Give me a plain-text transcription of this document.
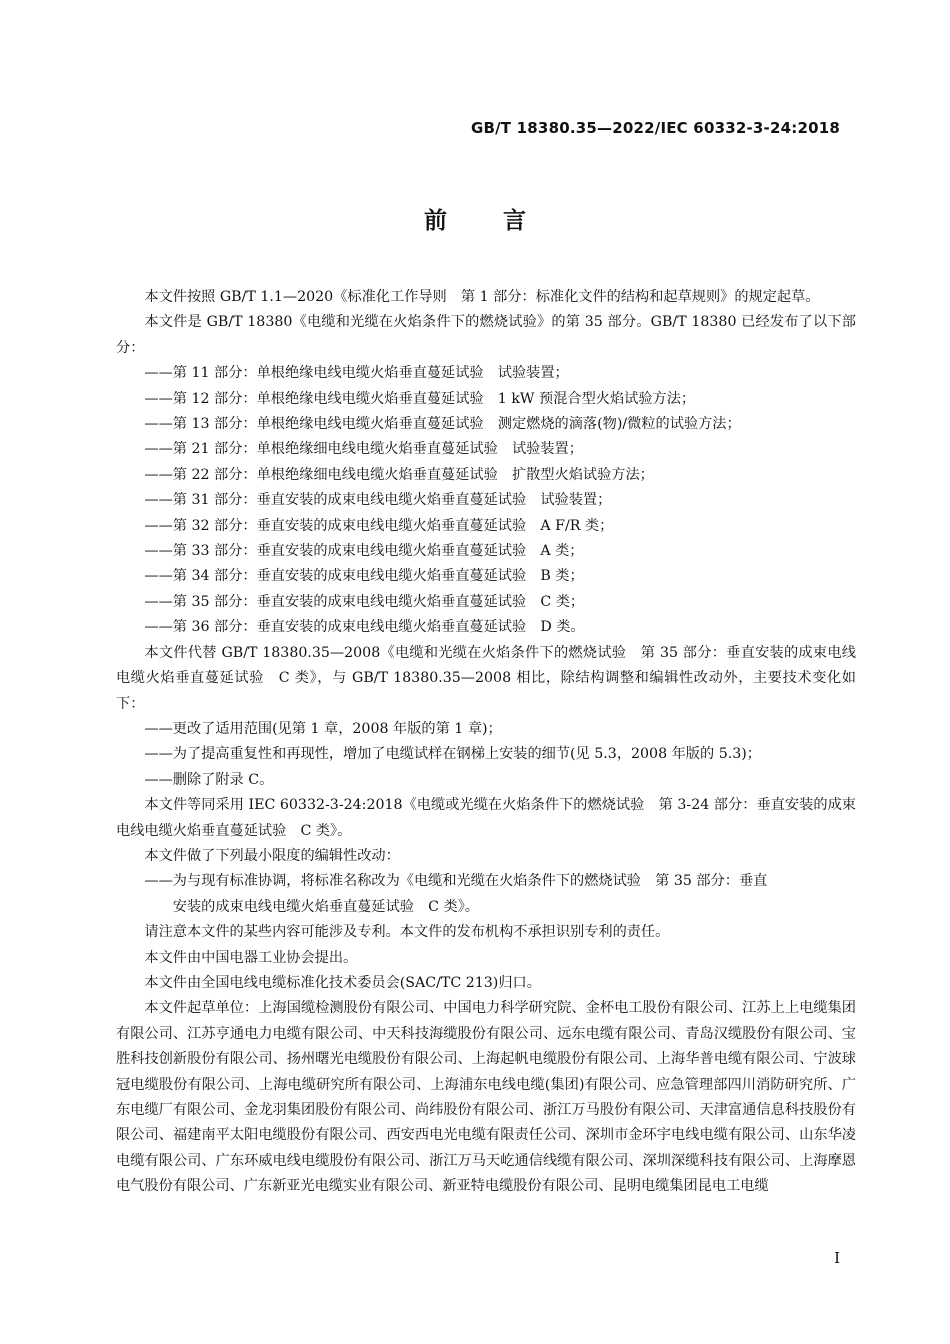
GB/T 18380.35—2022/IEC 60332-3-24:2018
前 言

本文件按照 GB/T 1.1—2020《标准化工作导则　第 1 部分：标准化文件的结构和起草规则》的规定起草。

本文件是 GB/T 18380《电缆和光缆在火焰条件下的燃烧试验》的第 35 部分。GB/T 18380 已经发布了以下部分：

——第 11 部分：单根绝缘电线电缆火焰垂直蔓延试验　试验装置；

——第 12 部分：单根绝缘电线电缆火焰垂直蔓延试验　1 kW 预混合型火焰试验方法；

——第 13 部分：单根绝缘电线电缆火焰垂直蔓延试验　测定燃烧的滴落(物)/微粒的试验方法；

——第 21 部分：单根绝缘细电线电缆火焰垂直蔓延试验　试验装置；

——第 22 部分：单根绝缘细电线电缆火焰垂直蔓延试验　扩散型火焰试验方法；

——第 31 部分：垂直安装的成束电线电缆火焰垂直蔓延试验　试验装置；

——第 32 部分：垂直安装的成束电线电缆火焰垂直蔓延试验　A F/R 类；

——第 33 部分：垂直安装的成束电线电缆火焰垂直蔓延试验　A 类；

——第 34 部分：垂直安装的成束电线电缆火焰垂直蔓延试验　B 类；

——第 35 部分：垂直安装的成束电线电缆火焰垂直蔓延试验　C 类；

——第 36 部分：垂直安装的成束电线电缆火焰垂直蔓延试验　D 类。

本文件代替 GB/T 18380.35—2008《电缆和光缆在火焰条件下的燃烧试验　第 35 部分：垂直安装的成束电线电缆火焰垂直蔓延试验　C 类》，与 GB/T 18380.35—2008 相比，除结构调整和编辑性改动外，主要技术变化如下：

——更改了适用范围(见第 1 章，2008 年版的第 1 章)；

——为了提高重复性和再现性，增加了电缆试样在钢梯上安装的细节(见 5.3，2008 年版的 5.3)；

——删除了附录 C。

本文件等同采用 IEC 60332-3-24:2018《电缆或光缆在火焰条件下的燃烧试验　第 3-24 部分：垂直安装的成束电线电缆火焰垂直蔓延试验　C 类》。

本文件做了下列最小限度的编辑性改动：

——为与现有标准协调，将标准名称改为《电缆和光缆在火焰条件下的燃烧试验　第 35 部分：垂直
安装的成束电线电缆火焰垂直蔓延试验　C 类》。

请注意本文件的某些内容可能涉及专利。本文件的发布机构不承担识别专利的责任。

本文件由中国电器工业协会提出。

本文件由全国电线电缆标准化技术委员会(SAC/TC 213)归口。

本文件起草单位：上海国缆检测股份有限公司、中国电力科学研究院、金杯电工股份有限公司、江苏上上电缆集团有限公司、江苏亨通电力电缆有限公司、中天科技海缆股份有限公司、远东电缆有限公司、青岛汉缆股份有限公司、宝胜科技创新股份有限公司、扬州曙光电缆股份有限公司、上海起帆电缆股份有限公司、上海华普电缆有限公司、宁波球冠电缆股份有限公司、上海电缆研究所有限公司、上海浦东电线电缆(集团)有限公司、应急管理部四川消防研究所、广东电缆厂有限公司、金龙羽集团股份有限公司、尚纬股份有限公司、浙江万马股份有限公司、天津富通信息科技股份有限公司、福建南平太阳电缆股份有限公司、西安西电光电缆有限责任公司、深圳市金环宇电线电缆有限公司、山东华凌电缆有限公司、广东环威电线电缆股份有限公司、浙江万马天屹通信线缆有限公司、深圳深缆科技有限公司、上海摩恩电气股份有限公司、广东新亚光电缆实业有限公司、新亚特电缆股份有限公司、昆明电缆集团昆电工电缆

I
